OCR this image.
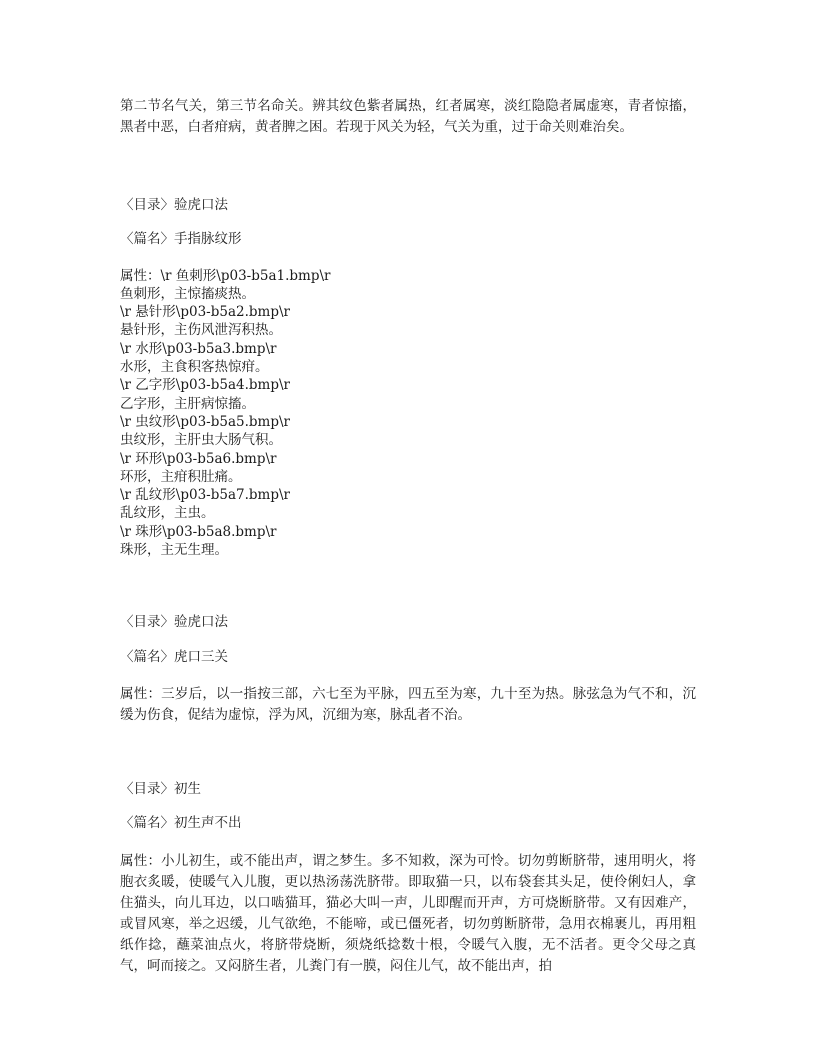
第二节名气关，第三节名命关。辨其纹色紫者属热，红者属寒，淡红隐隐者属虚寒，青者惊搐，黑者中恶，白者疳病，黄者脾之困。若现于风关为轻，气关为重，过于命关则难治矣。
〈目录〉验虎口法
〈篇名〉手指脉纹形
属性：\r 鱼刺形\p03-b5a1.bmp\r
鱼刺形，主惊搐痰热。
\r 悬针形\p03-b5a2.bmp\r
悬针形，主伤风泄泻积热。
\r 水形\p03-b5a3.bmp\r
水形，主食积客热惊疳。
\r 乙字形\p03-b5a4.bmp\r
乙字形，主肝病惊搐。
\r 虫纹形\p03-b5a5.bmp\r
虫纹形，主肝虫大肠气积。
\r 环形\p03-b5a6.bmp\r
环形，主疳积肚痛。
\r 乱纹形\p03-b5a7.bmp\r
乱纹形，主虫。
\r 珠形\p03-b5a8.bmp\r
珠形，主无生理。
〈目录〉验虎口法
〈篇名〉虎口三关
属性：三岁后，以一指按三部，六七至为平脉，四五至为寒，九十至为热。脉弦急为气不和，沉缓为伤食，促结为虚惊，浮为风，沉细为寒，脉乱者不治。
〈目录〉初生
〈篇名〉初生声不出
属性：小儿初生，或不能出声，谓之梦生。多不知救，深为可怜。切勿剪断脐带，速用明火，将胞衣炙暖，使暖气入儿腹，更以热汤荡洗脐带。即取猫一只，以布袋套其头足，使伶俐妇人，拿住猫头，向儿耳边，以口啮猫耳，猫必大叫一声，儿即醒而开声，方可烧断脐带。又有因难产，或冒风寒，举之迟缓，儿气欲绝，不能啼，或已僵死者，切勿剪断脐带，急用衣棉裹儿，再用粗纸作捻，蘸菜油点火，将脐带烧断，须烧纸捻数十根，令暖气入腹，无不活者。更令父母之真气，呵而接之。又闷脐生者，儿粪门有一膜，闷住儿气，故不能出声，拍
